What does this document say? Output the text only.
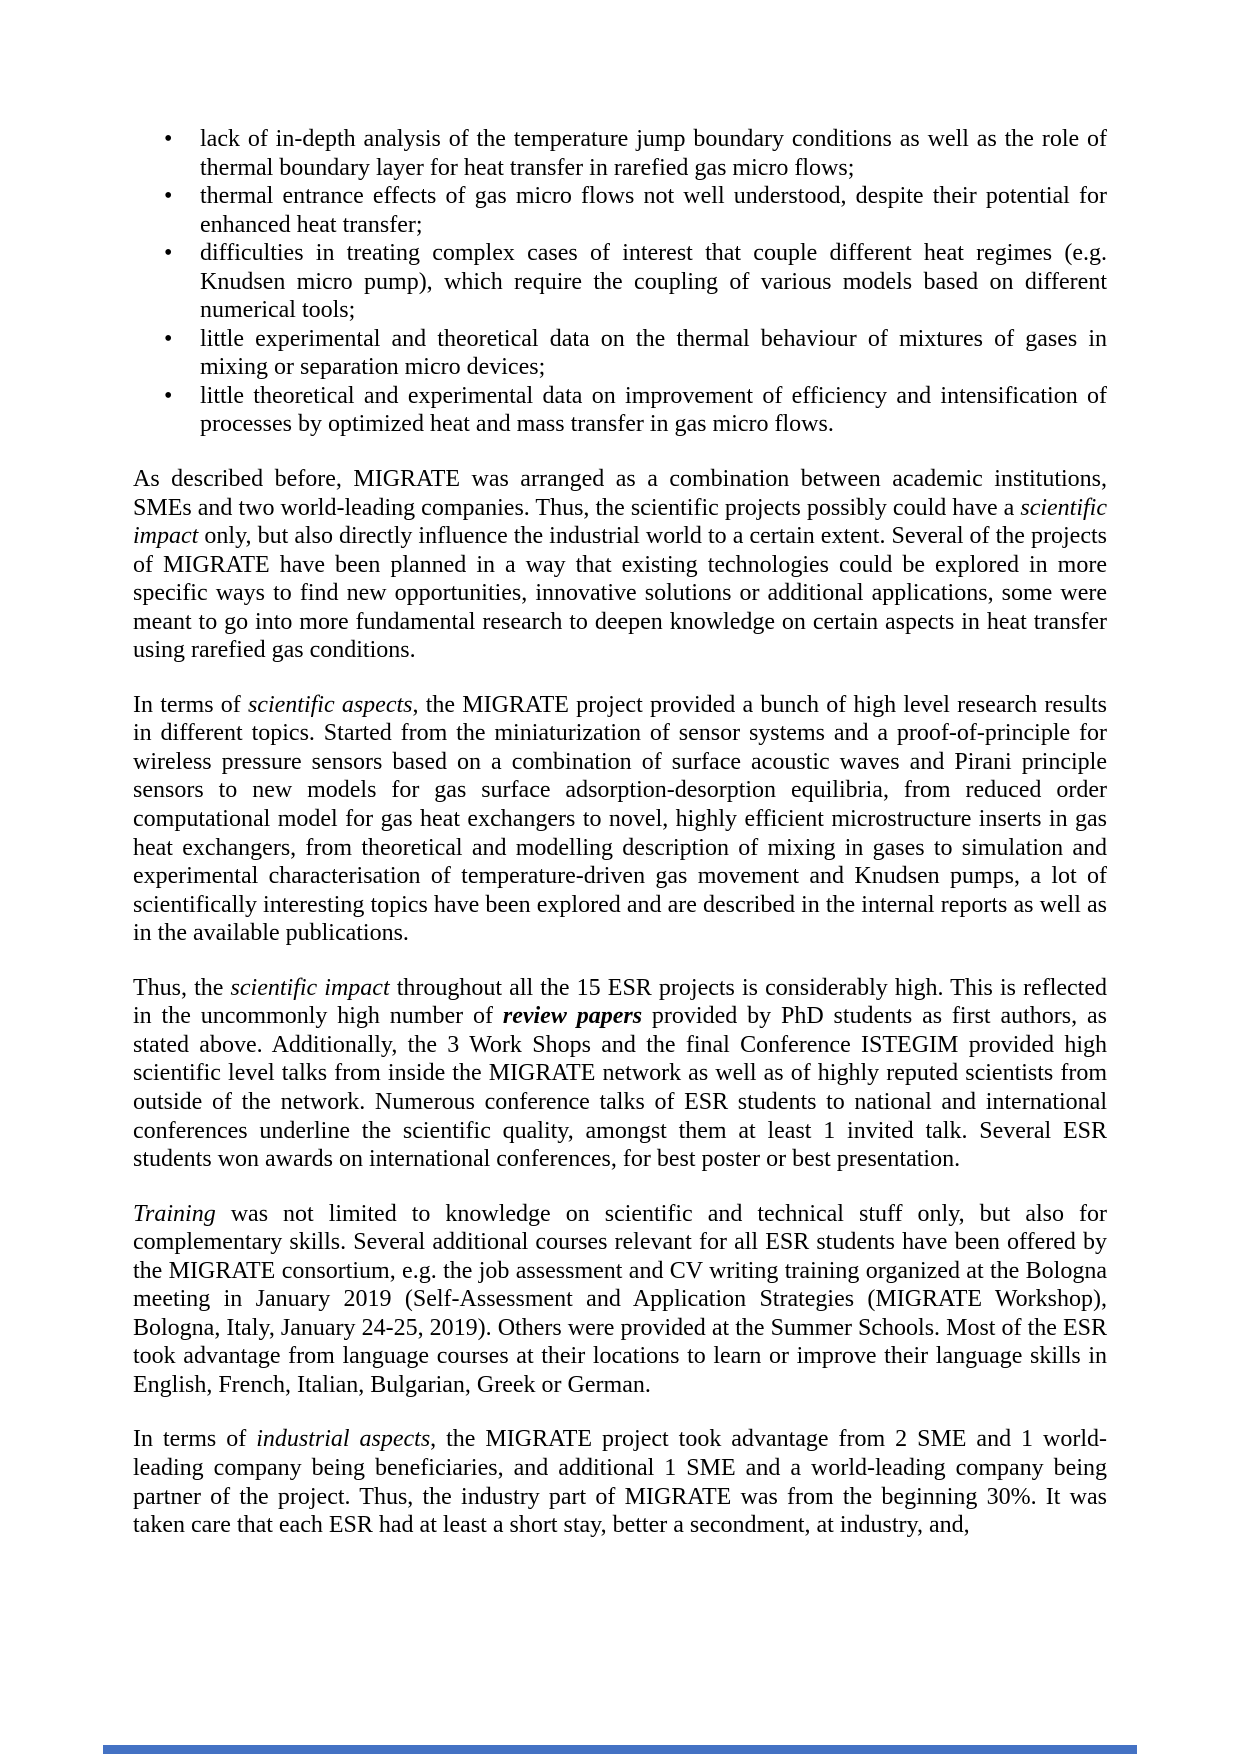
• lack of in-depth analysis of the temperature jump boundary conditions as well as the role of thermal boundary layer for heat transfer in rarefied gas micro flows;
• thermal entrance effects of gas micro flows not well understood, despite their potential for enhanced heat transfer;
• difficulties in treating complex cases of interest that couple different heat regimes (e.g. Knudsen micro pump), which require the coupling of various models based on different numerical tools;
• little experimental and theoretical data on the thermal behaviour of mixtures of gases in mixing or separation micro devices;
• little theoretical and experimental data on improvement of efficiency and intensification of processes by optimized heat and mass transfer in gas micro flows.

As described before, MIGRATE was arranged as a combination between academic institutions, SMEs and two world-leading companies. Thus, the scientific projects possibly could have a scientific impact only, but also directly influence the industrial world to a certain extent. Several of the projects of MIGRATE have been planned in a way that existing technologies could be explored in more specific ways to find new opportunities, innovative solutions or additional applications, some were meant to go into more fundamental research to deepen knowledge on certain aspects in heat transfer using rarefied gas conditions.

In terms of scientific aspects, the MIGRATE project provided a bunch of high level research results in different topics. Started from the miniaturization of sensor systems and a proof-of-principle for wireless pressure sensors based on a combination of surface acoustic waves and Pirani principle sensors to new models for gas surface adsorption-desorption equilibria, from reduced order computational model for gas heat exchangers to novel, highly efficient microstructure inserts in gas heat exchangers, from theoretical and modelling description of mixing in gases to simulation and experimental characterisation of temperature-driven gas movement and Knudsen pumps, a lot of scientifically interesting topics have been explored and are described in the internal reports as well as in the available publications.

Thus, the scientific impact throughout all the 15 ESR projects is considerably high. This is reflected in the uncommonly high number of review papers provided by PhD students as first authors, as stated above. Additionally, the 3 Work Shops and the final Conference ISTEGIM provided high scientific level talks from inside the MIGRATE network as well as of highly reputed scientists from outside of the network. Numerous conference talks of ESR students to national and international conferences underline the scientific quality, amongst them at least 1 invited talk. Several ESR students won awards on international conferences, for best poster or best presentation.

Training was not limited to knowledge on scientific and technical stuff only, but also for complementary skills. Several additional courses relevant for all ESR students have been offered by the MIGRATE consortium, e.g. the job assessment and CV writing training organized at the Bologna meeting in January 2019 (Self-Assessment and Application Strategies (MIGRATE Workshop), Bologna, Italy, January 24-25, 2019). Others were provided at the Summer Schools. Most of the ESR took advantage from language courses at their locations to learn or improve their language skills in English, French, Italian, Bulgarian, Greek or German.

In terms of industrial aspects, the MIGRATE project took advantage from 2 SME and 1 world-leading company being beneficiaries, and additional 1 SME and a world-leading company being partner of the project. Thus, the industry part of MIGRATE was from the beginning 30%. It was taken care that each ESR had at least a short stay, better a secondment, at industry, and,
